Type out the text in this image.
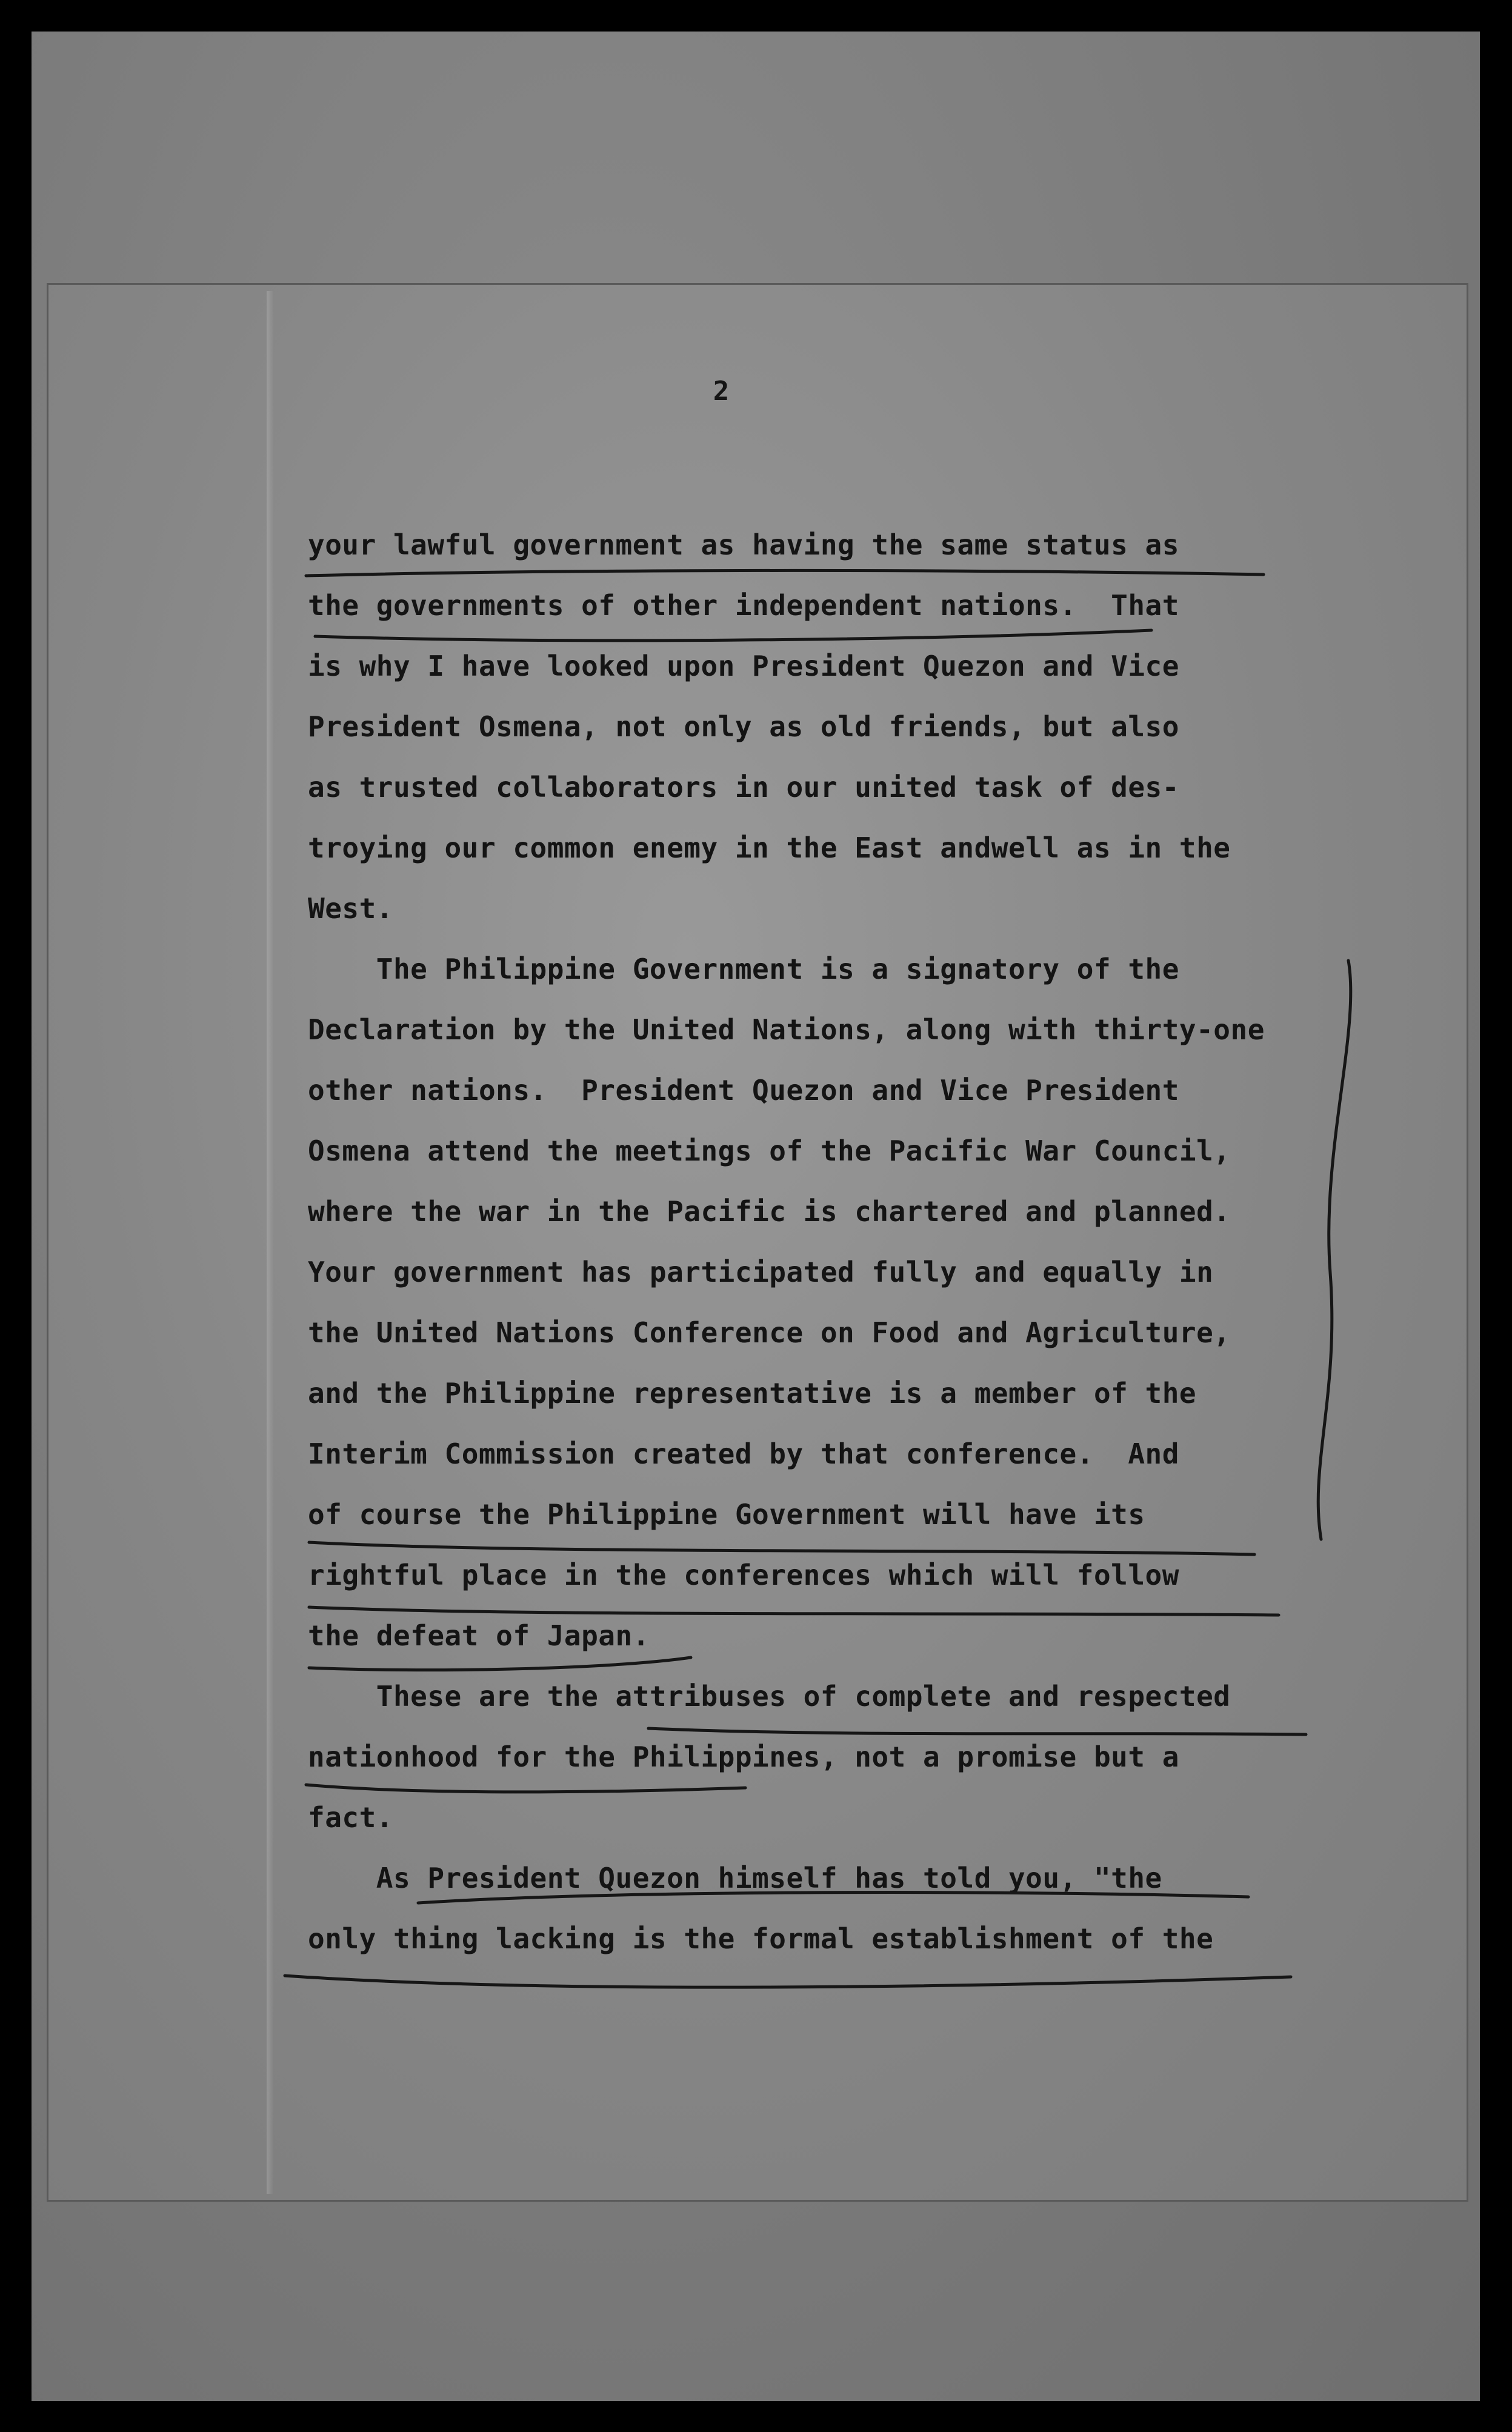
2

your lawful government as having the same status as

the governments of other independent nations.  That

is why I have looked upon President Quezon and Vice

President Osmena, not only as old friends, but also

as trusted collaborators in our united task of des-

troying our common enemy in the East andwell as in the

West.

The Philippine Government is a signatory of the

Declaration by the United Nations, along with thirty-one

other nations.  President Quezon and Vice President

Osmena attend the meetings of the Pacific War Council,

where the war in the Pacific is chartered and planned.

Your government has participated fully and equally in

the United Nations Conference on Food and Agriculture,

and the Philippine representative is a member of the

Interim Commission created by that conference.  And

of course the Philippine Government will have its

rightful place in the conferences which will follow

the defeat of Japan.

These are the attribuses of complete and respected

nationhood for the Philippines, not a promise but a

fact.

As President Quezon himself has told you, "the

only thing lacking is the formal establishment of the
